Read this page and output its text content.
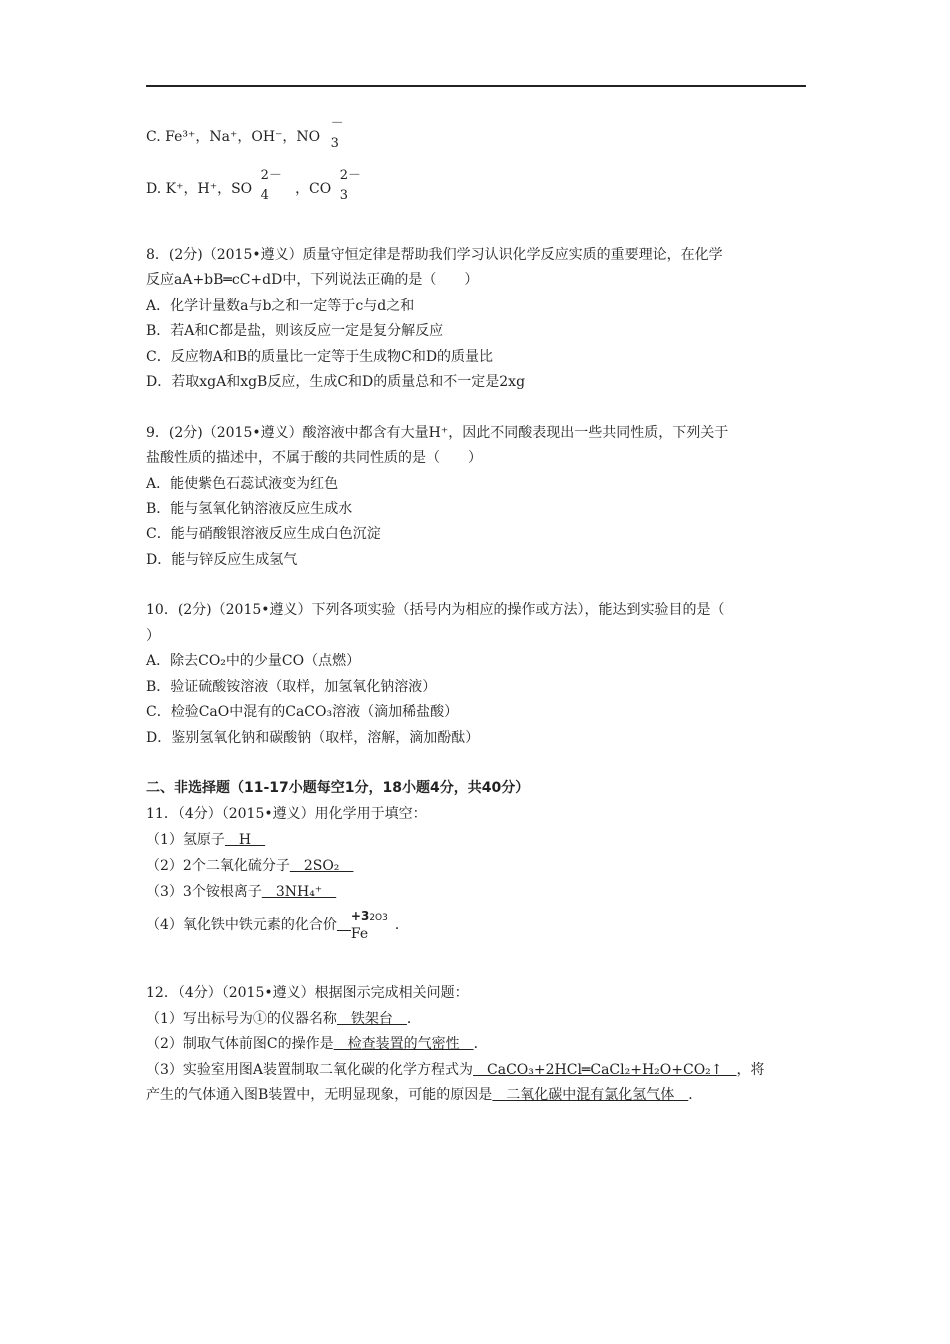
C. Fe³⁺，Na⁺，OH⁻，NO
－
3
D. K⁺，H⁺，SO
2－
4 ，CO
2－
3
8．(2分)（2015•遵义）质量守恒定律是帮助我们学习认识化学反应实质的重要理论，在化学
反应aA+bB═cC+dD中，下列说法正确的是（　　）
A．化学计量数a与b之和一定等于c与d之和
B．若A和C都是盐，则该反应一定是复分解反应
C．反应物A和B的质量比一定等于生成物C和D的质量比
D．若取xgA和xgB反应，生成C和D的质量总和不一定是2xg
9．(2分)（2015•遵义）酸溶液中都含有大量H⁺，因此不同酸表现出一些共同性质，下列关于
盐酸性质的描述中，不属于酸的共同性质的是（　　）
A．能使紫色石蕊试液变为红色
B．能与氢氧化钠溶液反应生成水
C．能与硝酸银溶液反应生成白色沉淀
D．能与锌反应生成氢气
10．(2分)（2015•遵义）下列各项实验（括号内为相应的操作或方法），能达到实验目的是（
）
A．除去CO₂中的少量CO（点燃）
B．验证硫酸铵溶液（取样，加氢氧化钠溶液）
C．检验CaO中混有的CaCO₃溶液（滴加稀盐酸）
D．鉴别氢氧化钠和碳酸钠（取样，溶解，滴加酚酞）
二、非选择题（11-17小题每空1分，18小题4分，共40分）
11．（4分）（2015•遵义）用化学用于填空：
（1）氢原子　H　
（2）2个二氧化硫分子　2SO₂　
（3）3个铵根离子　3NH₄⁺　
（4）氧化铁中铁元素的化合价 
+32O3
Fe
．
12．（4分）（2015•遵义）根据图示完成相关问题：
（1）写出标号为①的仪器名称　铁架台　．
（2）制取气体前图C的操作是　检查装置的气密性　．
（3）实验室用图A装置制取二氧化碳的化学方程式为　CaCO₃+2HCl═CaCl₂+H₂O+CO₂↑　，将
产生的气体通入图B装置中，无明显现象，可能的原因是　二氧化碳中混有氯化氢气体　．
